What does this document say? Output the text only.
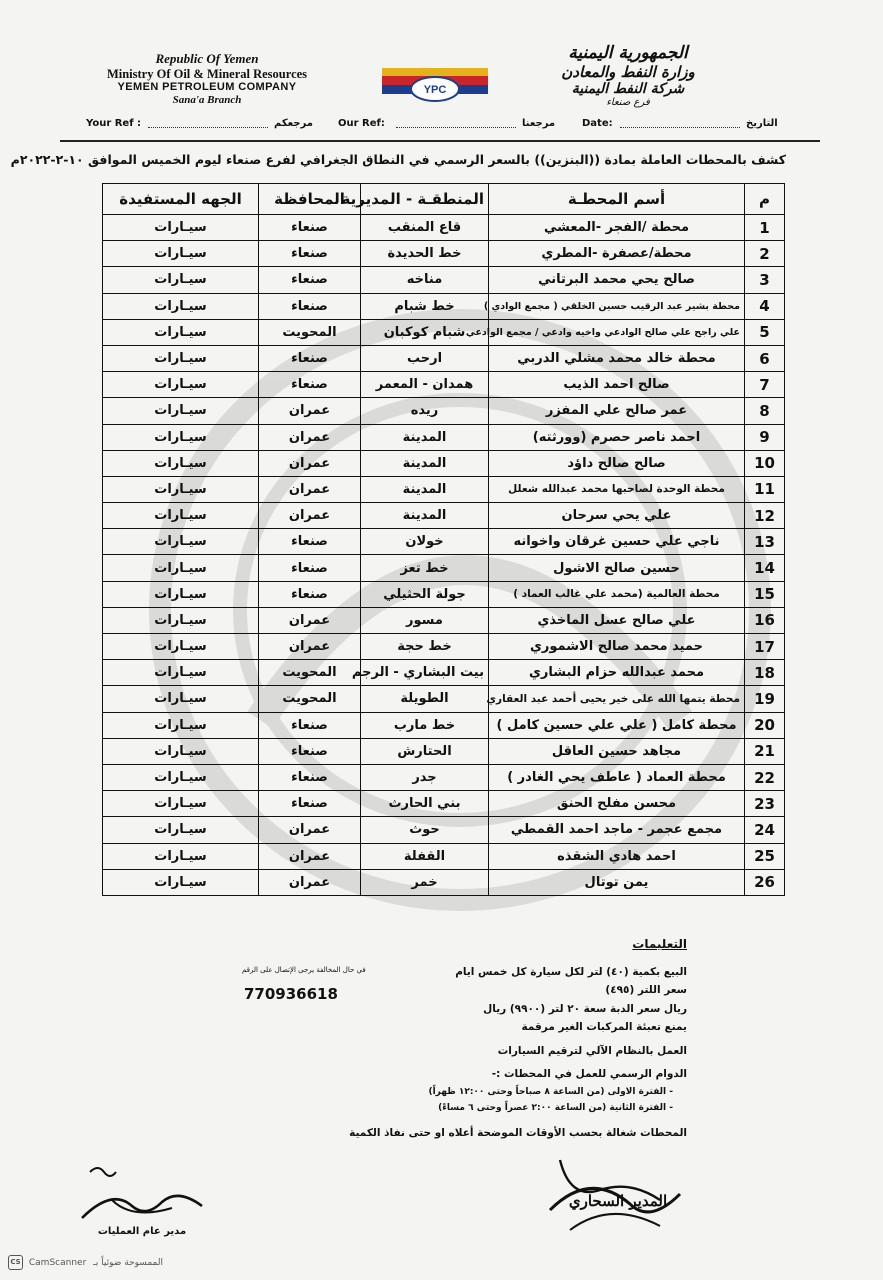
Republic Of Yemen
Ministry Of Oil & Mineral Resources
YEMEN PETROLEUM COMPANY
Sana'a Branch
YPC
الجمهورية اليمنية
وزارة النفط والمعادن
شركة النفط اليمنية
فرع صنعاء
Your Ref :	مرجعكم	Our Ref:	مرجعنا	Date:	التاريخ
كشف بالمحطات العاملة بمادة ((البنزين)) بالسعر الرسمي في النطاق الجغرافي لفرع صنعاء ليوم الخميس الموافق ١٠-٢-٢٠٢٢م
م	أسم المحطـة	المنطقـة - المديرية	المحافظة	الجهه المستفيدة
1	محطة /الفجر -المعشي	قاع المنقب	صنعاء	سيـارات
2	محطة/عصفرة -المطري	خط الحديدة	صنعاء	سيـارات
3	صالح يحي محمد البرتاني	مناخه	صنعاء	سيـارات
4	محطة بشير عبد الرقيب حسين الخلقي ( مجمع الوادي )	خط شبام	صنعاء	سيـارات
5	علي راجح علي صالح الوادعي واخيه وادعي / مجمع الوادعي	شبام كوكبان	المحويت	سيـارات
6	محطة خالد محمد مشلي الدربي	ارحب	صنعاء	سيـارات
7	صالح احمد الذيب	همدان - المعمر	صنعاء	سيـارات
8	عمر صالح علي المفزر	ريده	عمران	سيـارات
9	احمد ناصر حصرم (وورثته)	المدينة	عمران	سيـارات
10	صالح صالح داؤد	المدينة	عمران	سيـارات
11	محطة الوحدة لصاحبها محمد عبدالله شعلل	المدينة	عمران	سيـارات
12	علي يحي سرحان	المدينة	عمران	سيـارات
13	ناجي علي حسين غرقان واخوانه	خولان	صنعاء	سيـارات
14	حسين صالح الاشول	خط تعز	صنعاء	سيـارات
15	محطة العالمية (محمد علي غالب العماد )	جولة الحثيلي	صنعاء	سيـارات
16	علي صالح عسل الماخذي	مسور	عمران	سيـارات
17	حميد محمد صالح الاشموري	خط حجة	عمران	سيـارات
18	محمد عبدالله حزام البشاري	بيت البشاري - الرجم	المحويت	سيـارات
19	محطة يتمها الله على خير يحيى أحمد عبد العقاري	الطويلة	المحويت	سيـارات
20	محطة كامل ( علي علي حسين كامل )	خط مارب	صنعاء	سيـارات
21	مجاهد حسين العاقل	الحتارش	صنعاء	سيـارات
22	محطة العماد ( عاطف يحي الغادر )	جدر	صنعاء	سيـارات
23	محسن مفلح الحنق	بني الحارث	صنعاء	سيـارات
24	مجمع عجمر - ماجد احمد القمطي	حوث	عمران	سيـارات
25	احمد هادي الشقذه	القفلة	عمران	سيـارات
26	يمن توتال	خمر	عمران	سيـارات
التعليمات
البيع بكمية (٤٠) لتر لكل سيارة كل خمس ايام
سعر اللتر (٤٩٥)
ريال سعر الدبة سعة ٢٠ لتر (٩٩٠٠) ريال
يمنع تعبئة المركبات الغير مرقمة
العمل بالنظام الآلي لترقيم السيارات
الدوام الرسمي للعمل في المحطات :-
- الفترة الاولى (من الساعة ٨ صباحاً وحتى ١٢:٠٠ ظهراً)
- الفترة الثانية (من الساعة ٢:٠٠ عصراً وحتى ٦ مساءً)
المحطات شغالة بحسب الأوقات الموضحة أعلاه او حتى نفاذ الكمية
في حال المخالفة يرجى الإتصال على الرقم
770936618
مدير عام العمليات
المدير السحاري
CS CamScanner الممسوحة ضوئياً بـ
